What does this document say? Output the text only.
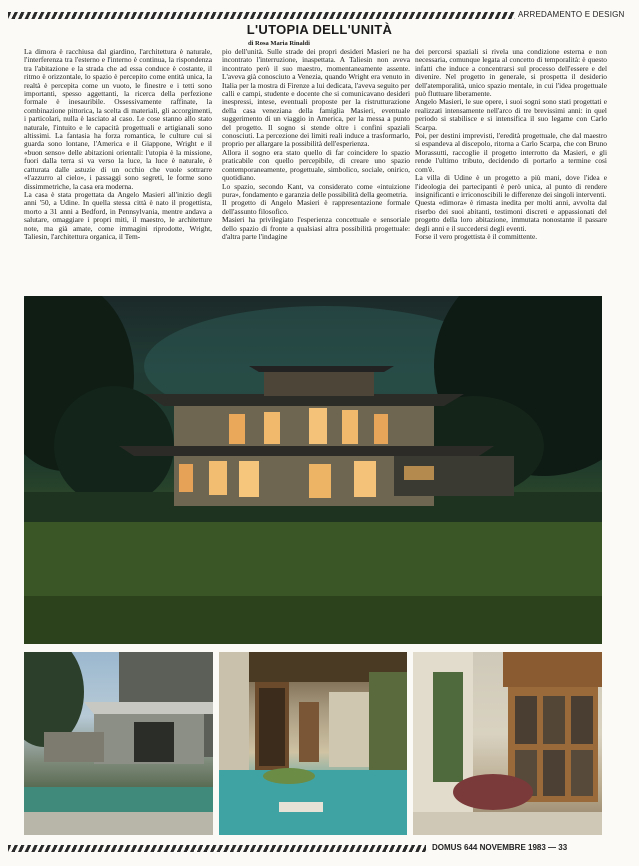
ARREDAMENTO E DESIGN
L'UTOPIA DELL'UNITÀ
di Rosa Maria Rinaldi

La dimora è racchiusa dal giardino, l'architettura è naturale, l'interferenza tra l'esterno e l'interno è continua, la rispondenza tra l'abitazione e la strada che ad essa conduce è costante, il ritmo è orizzontale, lo spazio è percepito come entità unica, la realtà è percepita come un vuoto, le finestre e i tetti sono importanti, spesso aggettanti, la ricerca della perfezione formale è inesauribile. Ossessivamente raffinate, la combinazione pittorica, la scelta di materiali, gli accorgimenti, i particolari, nulla è lasciato al caso. Le cose stanno allo stato naturale, l'intuito e le capacità progettuali e artigianali sono altissimi. La fantasia ha forza romantica, le culture cui si guarda sono lontane, l'America e il Giappone, Wright e il «buon senso» delle abitazioni orientali: l'utopia è la missione, fuori dalla terra si va verso la luce, la luce è naturale, è catturata dalle astuzie di un occhio che vuole sottrarre «l'azzurro al cielo», i passaggi sono segreti, le forme sono dissimmetriche, la casa era moderna.

La casa è stata progettata da Angelo Masieri all'inizio degli anni '50, a Udine. In quella stessa città è nato il progettista, morto a 31 anni a Bedford, in Pennsylvania, mentre andava a salutare, omaggiare i propri miti, il maestro, le architetture note, ma già amate, come immagini riprodotte, Wright, Taliesin, l'architettura organica, il Tem-

pio dell'unità. Sulle strade dei propri desideri Masieri ne ha incontrato l'interruzione, inaspettata. A Taliesin non aveva incontrato però il suo maestro, momentaneamente assente. L'aveva già conosciuto a Venezia, quando Wright era venuto in Italia per la mostra di Firenze a lui dedicata, l'aveva seguito per calli e campi, studente e docente che si comunicavano desideri inespressi, intese, eventuali proposte per la ristrutturazione della casa veneziana della famiglia Masieri, eventuale suggerimento di un viaggio in America, per la messa a punto del progetto. Il sogno si stende oltre i confini spaziali conosciuti. La percezione dei limiti reali induce a trasformarlo, proprio per allargare la possibilità dell'esperienza.

Allora il sogno era stato quello di far coincidere lo spazio praticabile con quello percepibile, di creare uno spazio contemporaneamente, progettuale, simbolico, sociale, onirico, quotidiano.

Lo spazio, secondo Kant, va considerato come «intuizione pura», fondamento e garanzia delle possibilità della geometria.

Il progetto di Angelo Masieri è rappresentazione formale dell'assunto filosofico.

Masieri ha privilegiato l'esperienza concettuale e sensoriale dello spazio di fronte a qualsiasi altra possibilità progettuale: d'altra parte l'indagine

dei percorsi spaziali si rivela una condizione esterna e non necessaria, comunque legata al concetto di temporalità: è questo infatti che induce a concentrarsi sul processo dell'essere e del divenire. Nel progetto in generale, si prospetta il desiderio dell'atemporalità, unico spazio mentale, in cui l'idea progettuale può fluttuare liberamente.

Angelo Masieri, le sue opere, i suoi sogni sono stati progettati e realizzati intensamente nell'arco di tre brevissimi anni: in quel periodo si stabilisce e si intensifica il suo legame con Carlo Scarpa.

Poi, per destini imprevisti, l'eredità progettuale, che dal maestro si espandeva al discepolo, ritorna a Carlo Scarpa, che con Bruno Morassutti, raccoglie il progetto interrotto da Masieri, e gli rende l'ultimo tributo, decidendo di portarlo a termine così com'è.

La villa di Udine è un progetto a più mani, dove l'idea e l'ideologia dei partecipanti è però unica, al punto di rendere insignificanti e irriconoscibili le differenze dei singoli interventi.

Questa «dimora» è rimasta inedita per molti anni, avvolta dal riserbo dei suoi abitanti, testimoni discreti e appassionati del progetto della loro abitazione, immutata nonostante il passare degli anni e il succedersi degli eventi.

Forse il vero progettista è il committente.

DOMUS 644 NOVEMBRE 1983 — 33
